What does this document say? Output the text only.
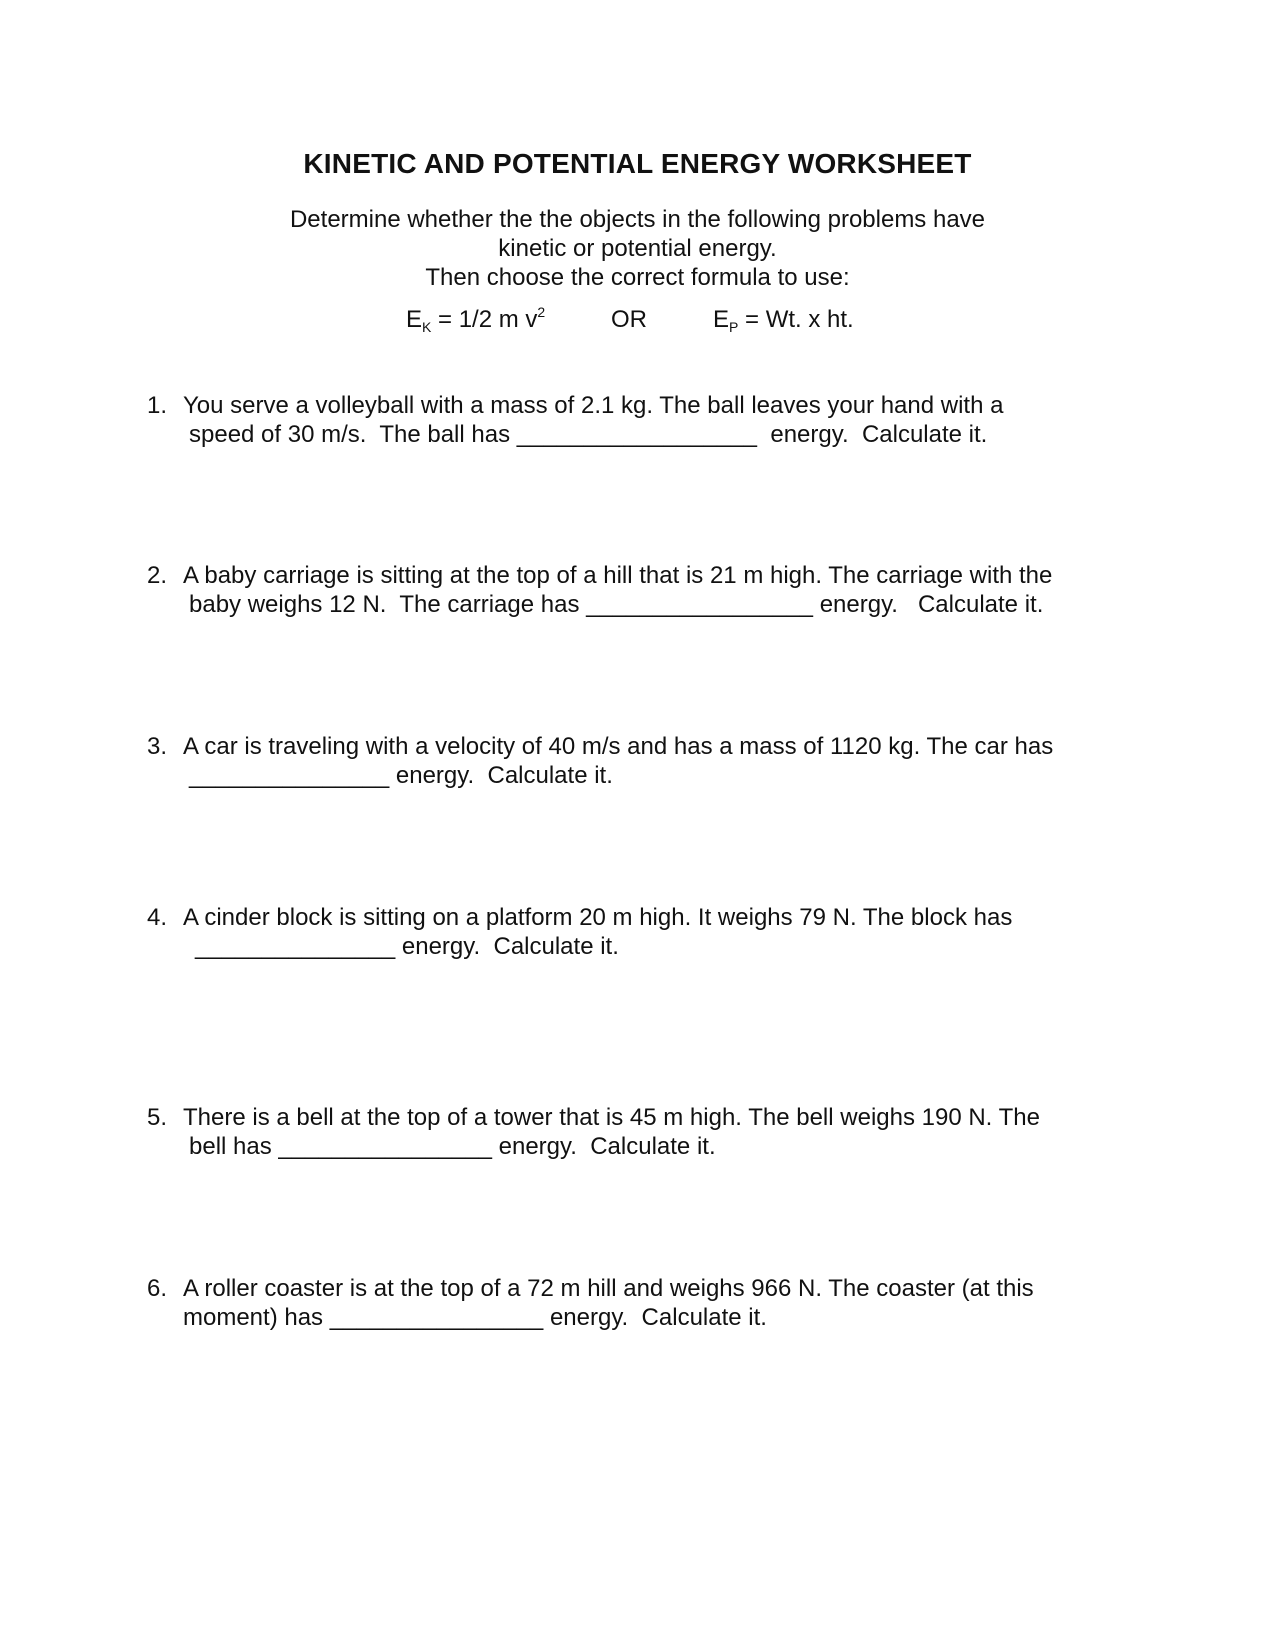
KINETIC AND POTENTIAL ENERGY WORKSHEET
Determine whether the the objects in the following problems have
kinetic or potential energy.
Then choose the correct formula to use:
$E_K = 1/2$ m $v^2$	OR	$E_P = Wt$. x ht.
1. You serve a volleyball with a mass of 2.1 kg. The ball leaves your hand with a
speed of 30 m/s.  The ball has __________________  energy.  Calculate it.
2. A baby carriage is sitting at the top of a hill that is 21 m high. The carriage with the
baby weighs 12 N.  The carriage has _________________ energy.   Calculate it.
3. A car is traveling with a velocity of 40 m/s and has a mass of 1120 kg. The car has
_______________ energy.  Calculate it.
4. A cinder block is sitting on a platform 20 m high. It weighs 79 N. The block has
_______________ energy.  Calculate it.
5. There is a bell at the top of a tower that is 45 m high. The bell weighs 190 N. The
bell has ________________ energy.  Calculate it.
6. A roller coaster is at the top of a 72 m hill and weighs 966 N. The coaster (at this
moment) has ________________ energy.  Calculate it.
